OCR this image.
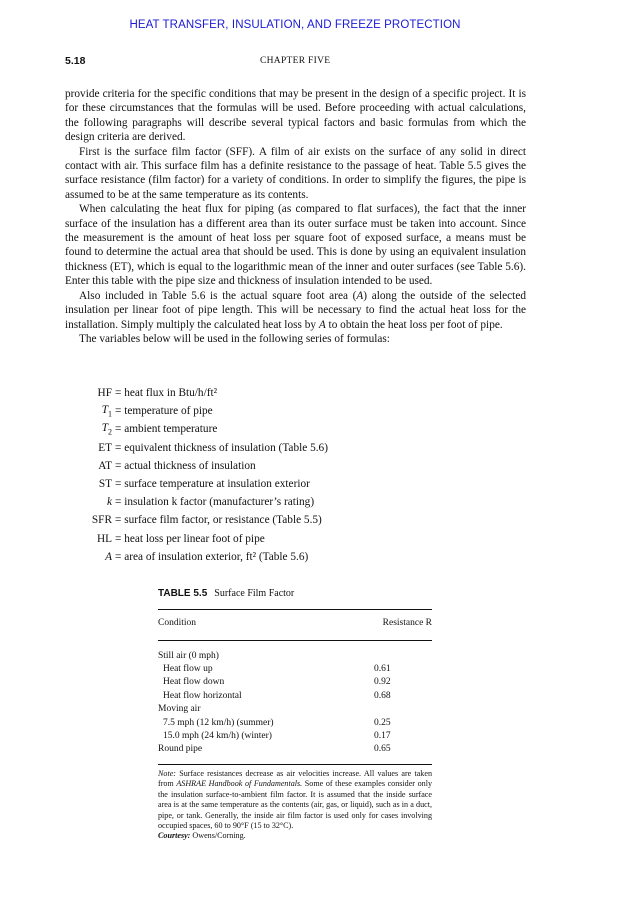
HEAT TRANSFER, INSULATION, AND FREEZE PROTECTION
5.18	CHAPTER FIVE

provide criteria for the specific conditions that may be present in the design of a specific project. It is for these circumstances that the formulas will be used. Before proceeding with actual calculations, the following paragraphs will describe several typical factors and basic formulas from which the design criteria are derived.

First is the surface film factor (SFF). A film of air exists on the surface of any solid in direct contact with air. This surface film has a definite resistance to the passage of heat. Table 5.5 gives the surface resistance (film factor) for a variety of conditions. In order to simplify the figures, the pipe is assumed to be at the same temperature as its contents.

When calculating the heat flux for piping (as compared to flat surfaces), the fact that the inner surface of the insulation has a different area than its outer surface must be taken into account. Since the measurement is the amount of heat loss per square foot of exposed surface, a means must be found to determine the actual area that should be used. This is done by using an equivalent insulation thickness (ET), which is equal to the logarithmic mean of the inner and outer surfaces (see Table 5.6). Enter this table with the pipe size and thickness of insulation intended to be used.

Also included in Table 5.6 is the actual square foot area (A) along the outside of the selected insulation per linear foot of pipe length. This will be necessary to find the actual heat loss for the installation. Simply multiply the calculated heat loss by A to obtain the heat loss per foot of pipe.

The variables below will be used in the following series of formulas:

HF = heat flux in Btu/h/ft²
$T_1$ = temperature of pipe
$T_2$ = ambient temperature
ET = equivalent thickness of insulation (Table 5.6)
AT = actual thickness of insulation
ST = surface temperature at insulation exterior
k = insulation k factor (manufacturer’s rating)
SFR = surface film factor, or resistance (Table 5.5)
HL = heat loss per linear foot of pipe
A = area of insulation exterior, ft² (Table 5.6)
TABLE 5.5 Surface Film Factor
Condition	Resistance R
Still air (0 mph)
Heat flow up	0.61
Heat flow down	0.92
Heat flow horizontal	0.68
Moving air
7.5 mph (12 km/h) (summer)	0.25
15.0 mph (24 km/h) (winter)	0.17
Round pipe	0.65
Note: Surface resistances decrease as air velocities increase. All values are taken from ASHRAE Handbook of Fundamentals. Some of these examples consider only the insulation surface-to-ambient film factor. It is assumed that the inside surface area is at the same temperature as the contents (air, gas, or liquid), such as in a duct, pipe, or tank. Generally, the inside air film factor is used only for cases involving occupied spaces, 60 to 90°F (15 to 32°C).
Courtesy: Owens/Corning.
